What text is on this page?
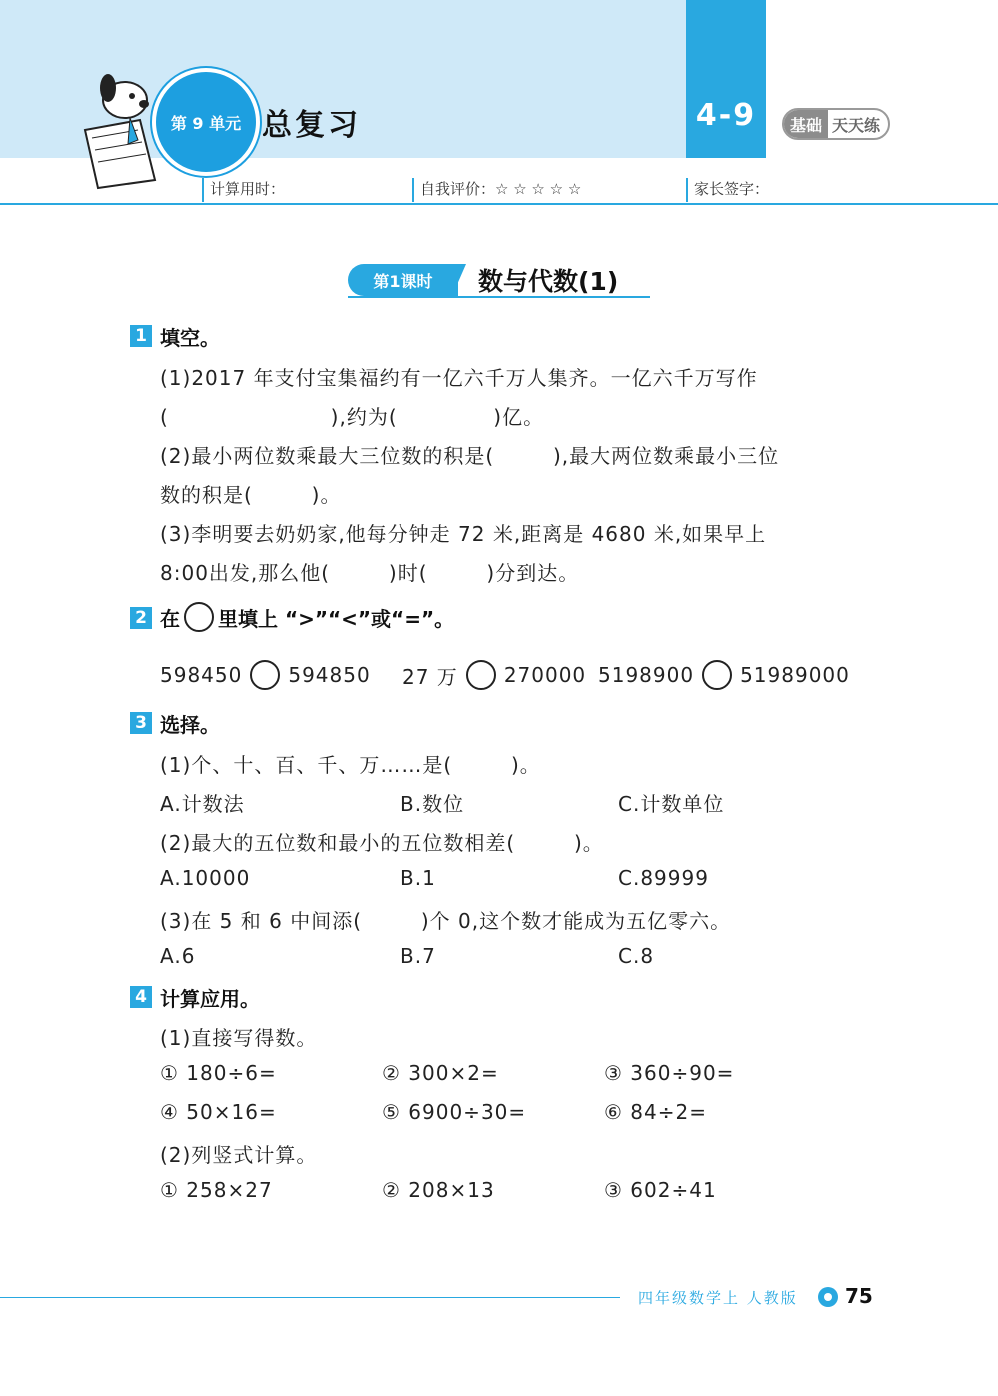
4-9	基础 天天练
第 9 单元 总复习
计算用时：	自我评价：☆ ☆ ☆ ☆ ☆	家长签字：
第1课时	数与代数(1)
1 填空。
(1)2017 年支付宝集福约有一亿六千万人集齐。一亿六千万写作
(                      ),约为(             )亿。
(2)最小两位数乘最大三位数的积是(        ),最大两位数乘最小三位
数的积是(        )。
(3)李明要去奶奶家,他每分钟走 72 米,距离是 4680 米,如果早上
8:00出发,那么他(        )时(        )分到达。
2 在 里填上 “>”“<”或“=”。
598450 594850 27 万 270000 5198900 51989000
3 选择。
(1)个、十、百、千、万……是(        )。
A.计数法	B.数位	C.计数单位
(2)最大的五位数和最小的五位数相差(        )。
A.10000	B.1	C.89999
(3)在 5 和 6 中间添(        )个 0,这个数才能成为五亿零六。
A.6	B.7	C.8
4 计算应用。
(1)直接写得数。
① 180÷6=	② 300×2=	③ 360÷90=
④ 50×16=	⑤ 6900÷30=	⑥ 84÷2=
(2)列竖式计算。
① 258×27	② 208×13	③ 602÷41
四年级数学上 人教版 75
